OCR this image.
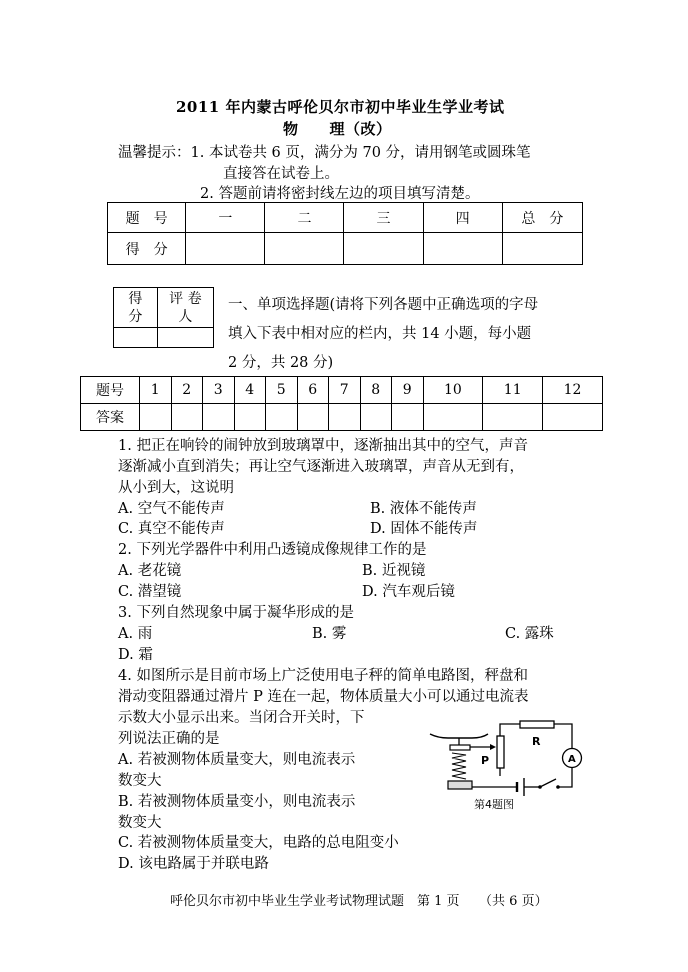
2011 年内蒙古呼伦贝尔市初中毕业生学业考试
物　　理（改）
温馨提示：1. 本试卷共 6 页，满分为 70 分，请用钢笔或圆珠笔
直接答在试卷上。
2. 答题前请将密封线左边的项目填写清楚。
题　号	一	二	三	四	总　分
得　分					
得
分	评 卷
人

一、单项选择题(请将下列各题中正确选项的字母
填入下表中相对应的栏内，共 14 小题，每小题
2 分，共 28 分)
题号	1	2	3	4	5	6	7	8	9	10	11	12
答案												
1. 把正在响铃的闹钟放到玻璃罩中，逐渐抽出其中的空气，声音
逐渐减小直到消失；再让空气逐渐进入玻璃罩，声音从无到有，
从小到大，这说明
A. 空气不能传声	B. 液体不能传声
C. 真空不能传声	D. 固体不能传声
2. 下列光学器件中利用凸透镜成像规律工作的是
A. 老花镜	B. 近视镜
C. 潜望镜	D. 汽车观后镜
3. 下列自然现象中属于凝华形成的是
A. 雨	B. 雾	C. 露珠
D. 霜
4. 如图所示是目前市场上广泛使用电子秤的简单电路图，秤盘和
滑动变阻器通过滑片 P 连在一起，物体质量大小可以通过电流表
示数大小显示出来。当闭合开关时，下
列说法正确的是
A. 若被测物体质量变大，则电流表示
数变大
B. 若被测物体质量变小，则电流表示
数变大
C. 若被测物体质量变大，电路的总电阻变小
D. 该电路属于并联电路
P
R
A
第4题图
呼伦贝尔市初中毕业生学业考试物理试题　第 1 页　　（共 6 页）
